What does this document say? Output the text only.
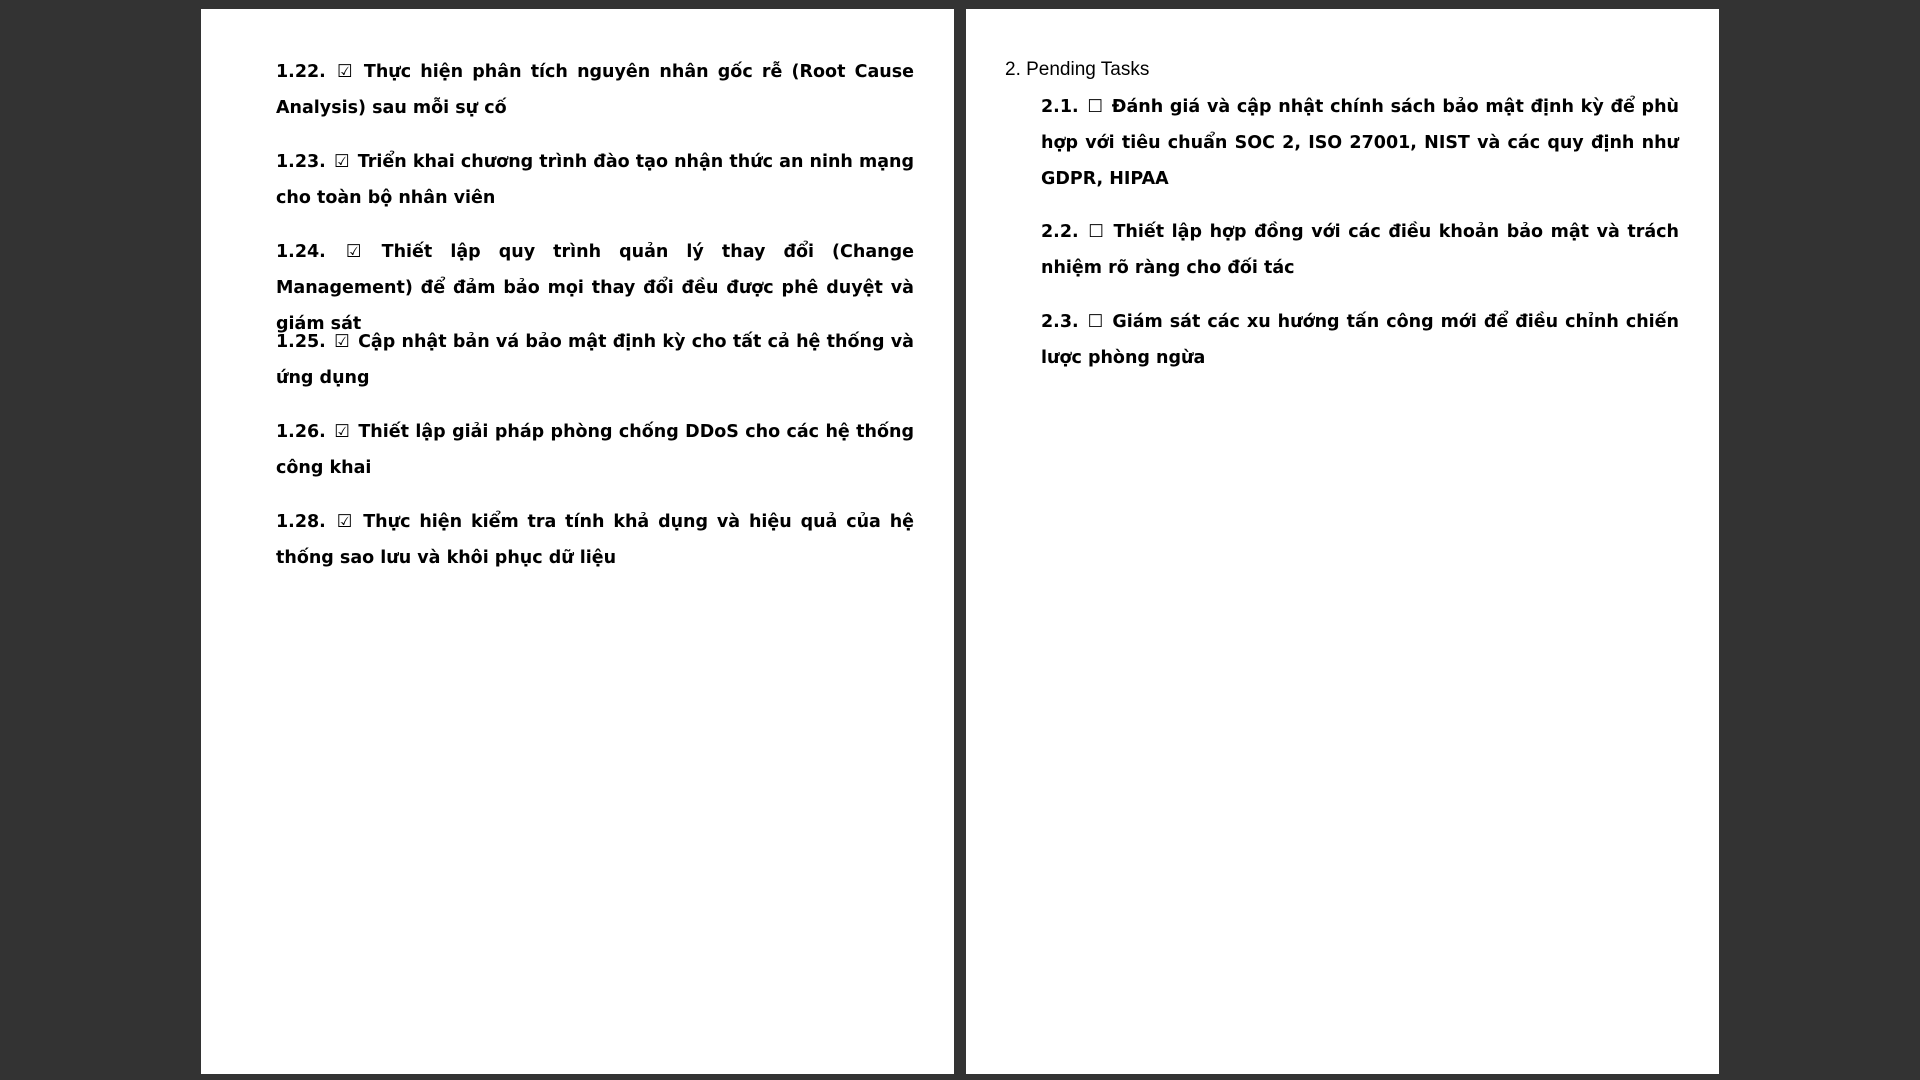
1.22. ☑ Thực hiện phân tích nguyên nhân gốc rễ (Root Cause Analysis) sau mỗi sự cố
1.23. ☑ Triển khai chương trình đào tạo nhận thức an ninh mạng cho toàn bộ nhân viên
1.24. ☑ Thiết lập quy trình quản lý thay đổi (Change Management) để đảm bảo mọi thay đổi đều được phê duyệt và giám sát
1.25. ☑ Cập nhật bản vá bảo mật định kỳ cho tất cả hệ thống và ứng dụng
1.26. ☑ Thiết lập giải pháp phòng chống DDoS cho các hệ thống công khai
1.28. ☑ Thực hiện kiểm tra tính khả dụng và hiệu quả của hệ thống sao lưu và khôi phục dữ liệu
2. Pending Tasks
2.1. ☐ Đánh giá và cập nhật chính sách bảo mật định kỳ để phù hợp với tiêu chuẩn SOC 2, ISO 27001, NIST và các quy định như GDPR, HIPAA
2.2. ☐ Thiết lập hợp đồng với các điều khoản bảo mật và trách nhiệm rõ ràng cho đối tác
2.3. ☐ Giám sát các xu hướng tấn công mới để điều chỉnh chiến lược phòng ngừa
